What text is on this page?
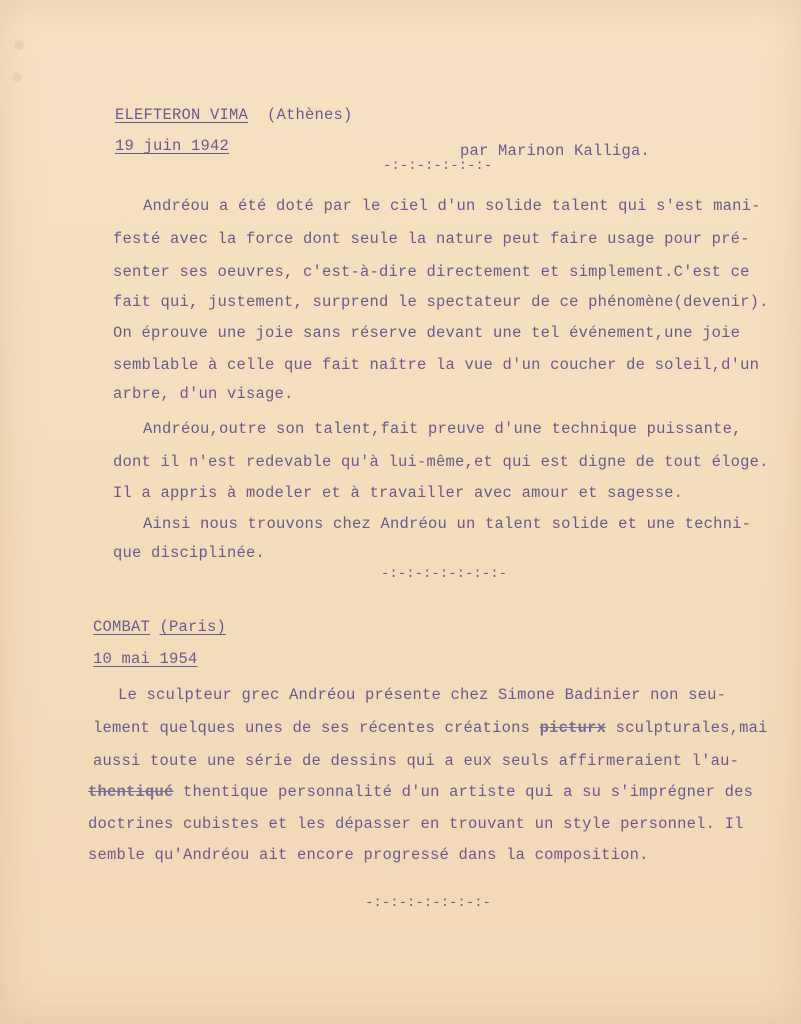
ELEFTERON VIMA (Athènes)
19 juin 1942	par Marinon Kalliga.
-:-:-:-:-:-:-
Andréou a été doté par le ciel d'un solide talent qui s'est mani-
festé avec la force dont seule la nature peut faire usage pour pré-
senter ses oeuvres, c'est-à-dire directement et simplement.C'est ce
fait qui, justement, surprend le spectateur de ce phénomène(devenir).
On éprouve une joie sans réserve devant une tel événement,une joie
semblable à celle que fait naître la vue d'un coucher de soleil,d'un
arbre, d'un visage.
Andréou,outre son talent,fait preuve d'une technique puissante,
dont il n'est redevable qu'à lui-même,et qui est digne de tout éloge.
Il a appris à modeler et à travailler avec amour et sagesse.
Ainsi nous trouvons chez Andréou un talent solide et une techni-
que disciplinée.
-:-:-:-:-:-:-:-
COMBAT (Paris)
10 mai 1954
Le sculpteur grec Andréou présente chez Simone Badinier non seu-
lement quelques unes de ses récentes créations picturx sculpturales,mai
aussi toute une série de dessins qui a eux seuls affirmeraient l'au-
thentiqué thentique personnalité d'un artiste qui a su s'imprégner des
doctrines cubistes et les dépasser en trouvant un style personnel. Il
semble qu'Andréou ait encore progressé dans la composition.
-:-:-:-:-:-:-:-
